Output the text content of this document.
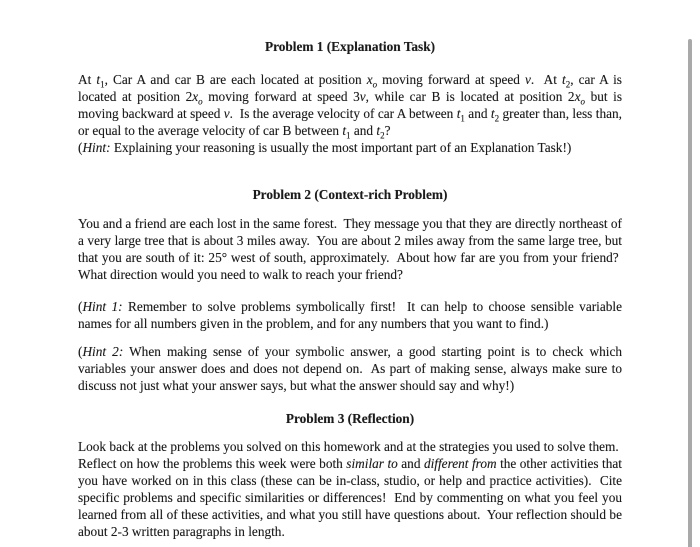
Problem 1 (Explanation Task)
At $t_1$, Car A and car B are each located at position $x_o$ moving forward at speed v.  At $t_2$, car A is located at position $2x_o$ moving forward at speed 3v, while car B is located at position $2x_o$ but is moving backward at speed v.  Is the average velocity of car A between $t_1$ and $t_2$ greater than, less than, or equal to the average velocity of car B between $t_1$ and $t_2$?
(Hint: Explaining your reasoning is usually the most important part of an Explanation Task!)
Problem 2 (Context-rich Problem)
You and a friend are each lost in the same forest.  They message you that they are directly northeast of a very large tree that is about 3 miles away.  You are about 2 miles away from the same large tree, but that you are south of it: 25° west of south, approximately.  About how far are you from your friend?  What direction would you need to walk to reach your friend?
(Hint 1: Remember to solve problems symbolically first!  It can help to choose sensible variable names for all numbers given in the problem, and for any numbers that you want to find.)
(Hint 2: When making sense of your symbolic answer, a good starting point is to check which variables your answer does and does not depend on.  As part of making sense, always make sure to discuss not just what your answer says, but what the answer should say and why!)
Problem 3 (Reflection)
Look back at the problems you solved on this homework and at the strategies you used to solve them.  Reflect on how the problems this week were both similar to and different from the other activities that you have worked on in this class (these can be in-class, studio, or help and practice activities).  Cite specific problems and specific similarities or differences!  End by commenting on what you feel you learned from all of these activities, and what you still have questions about.  Your reflection should be about 2-3 written paragraphs in length.
